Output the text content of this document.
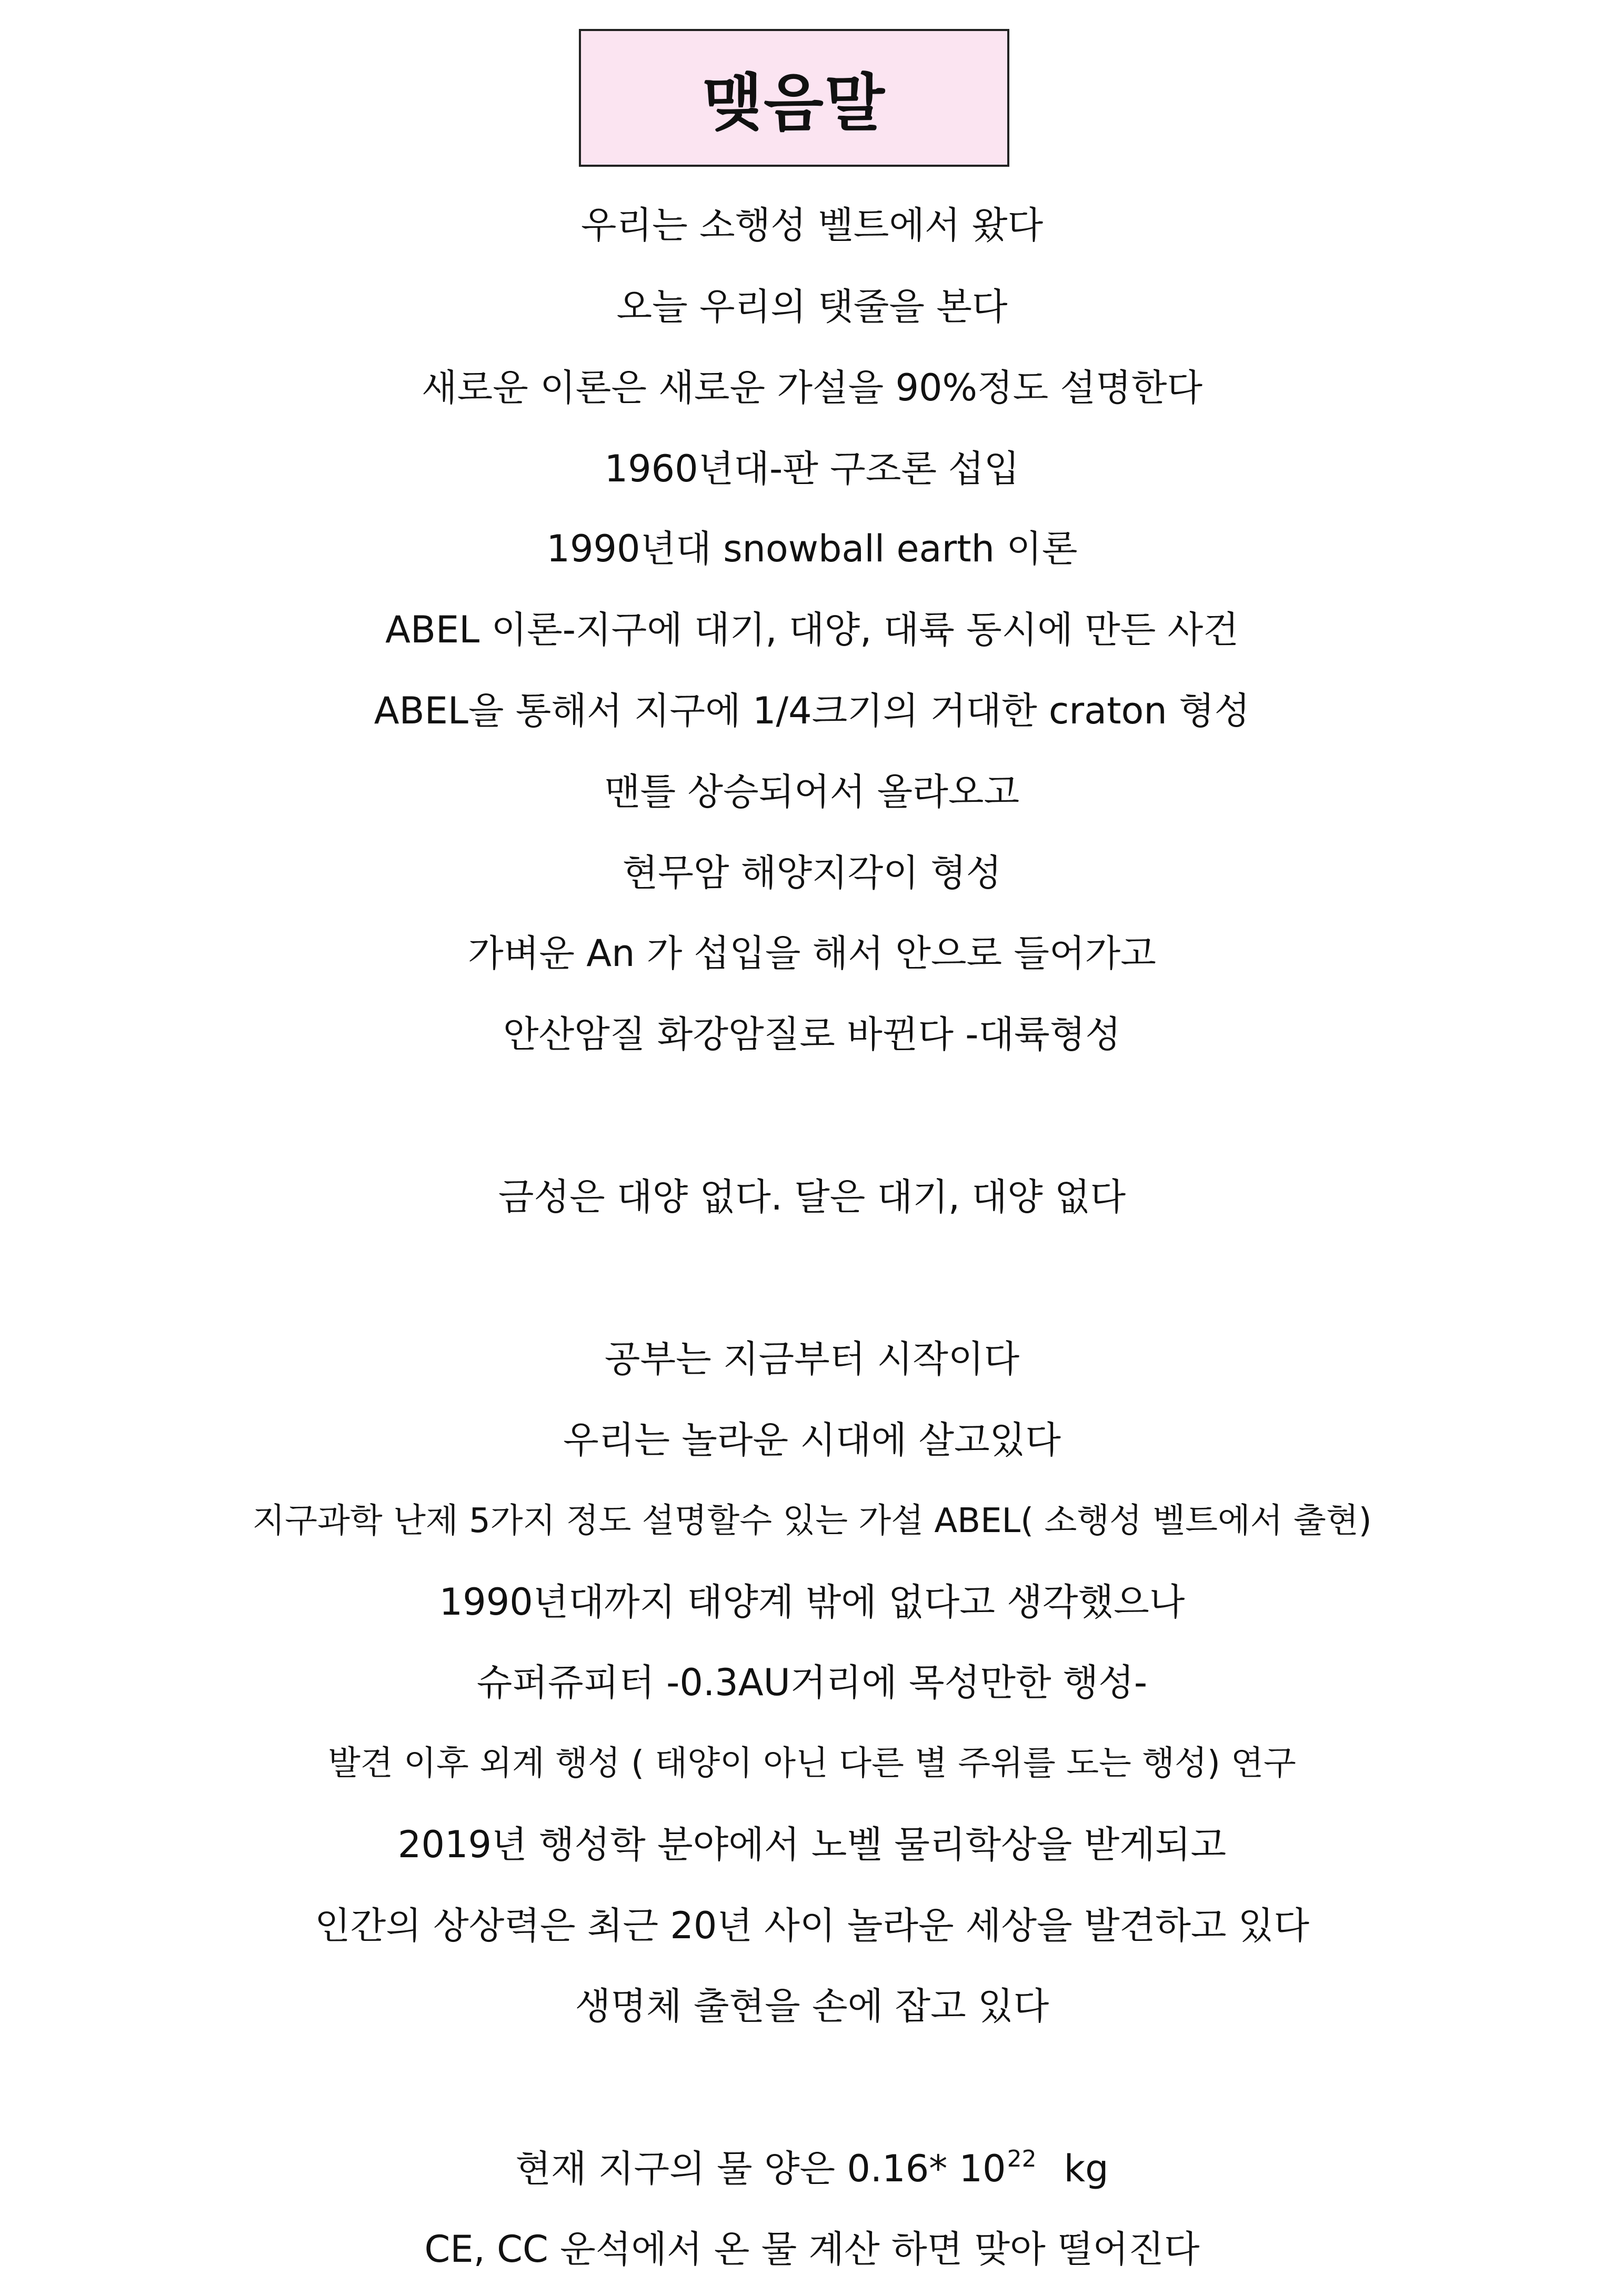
맺음말
우리는 소행성 벨트에서 왔다
오늘 우리의 탯줄을 본다
새로운 이론은 새로운 가설을 90%정도 설명한다
1960년대-판 구조론 섭입
1990년대 snowball earth 이론
ABEL 이론-지구에 대기, 대양, 대륙 동시에 만든 사건
ABEL을 통해서 지구에 1/4크기의 거대한 craton 형성
맨틀 상승되어서 올라오고
현무암 해양지각이 형성
가벼운 An 가 섭입을 해서 안으로 들어가고
안산암질 화강암질로 바뀐다 -대륙형성
금성은 대양 없다. 달은 대기, 대양 없다
공부는 지금부터 시작이다
우리는 놀라운 시대에 살고있다
지구과학 난제 5가지 정도 설명할수 있는 가설 ABEL( 소행성 벨트에서 출현)
1990년대까지 태양계 밖에 없다고 생각했으나
슈퍼쥬피터 -0.3AU거리에 목성만한 행성-
발견 이후 외계 행성 ( 태양이 아닌 다른 별 주위를 도는 행성) 연구
2019년 행성학 분야에서 노벨 물리학상을 받게되고
인간의 상상력은 최근 20년 사이 놀라운 세상을 발견하고 있다
생명체 출현을 손에 잡고 있다
현재 지구의 물 양은 0.16* $10^{22}$ kg
CE, CC 운석에서 온 물 계산 하면 맞아 떨어진다
